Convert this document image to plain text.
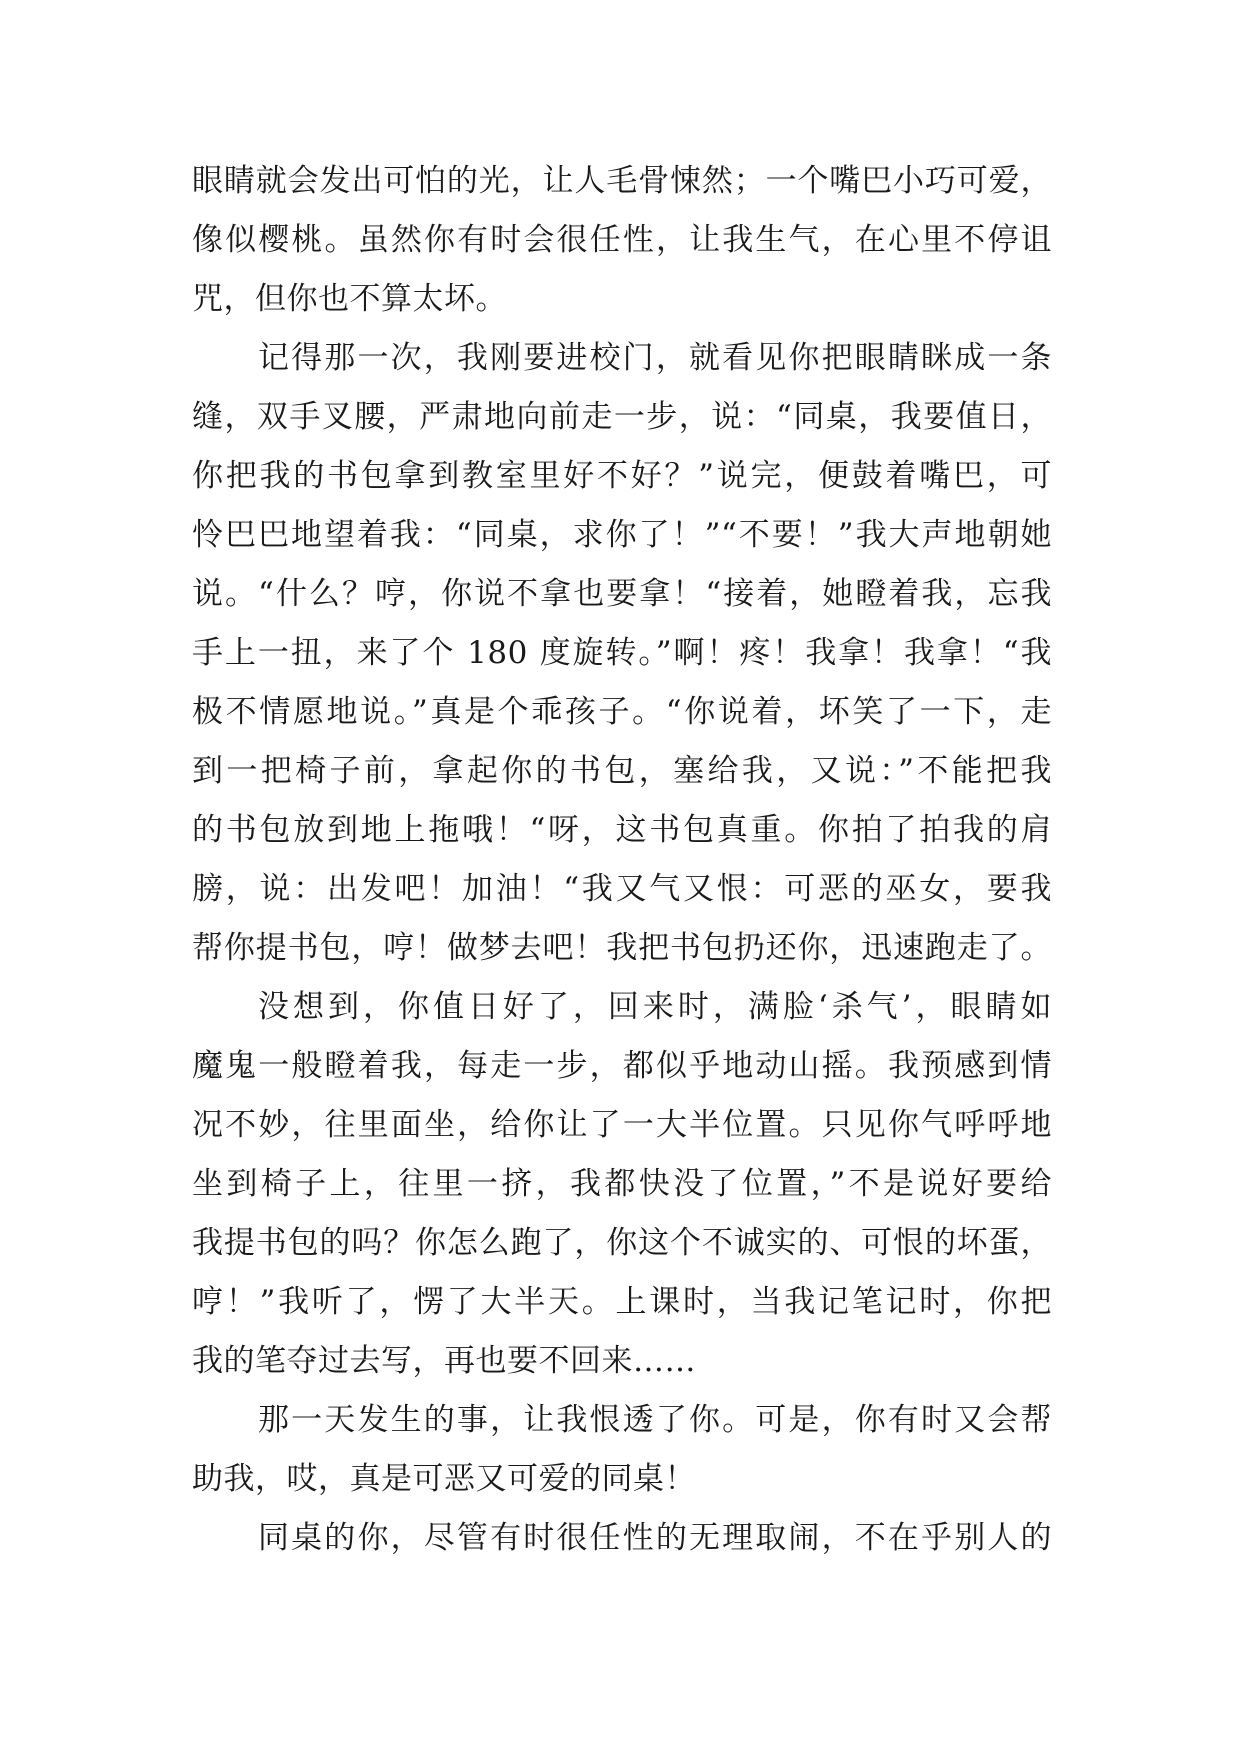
眼睛就会发出可怕的光，让人毛骨悚然；一个嘴巴小巧可爱，
像似樱桃。虽然你有时会很任性，让我生气，在心里不停诅
咒，但你也不算太坏。
记得那一次，我刚要进校门，就看见你把眼睛眯成一条
缝，双手叉腰，严肃地向前走一步，说：“同桌，我要值日，
你把我的书包拿到教室里好不好？”说完，便鼓着嘴巴，可
怜巴巴地望着我：“同桌，求你了！”“不要！”我大声地朝她
说。“什么？哼，你说不拿也要拿！“接着，她瞪着我，忘我
手上一扭，来了个 180 度旋转。”啊！疼！我拿！我拿！“我
极不情愿地说。”真是个乖孩子。“你说着，坏笑了一下，走
到一把椅子前，拿起你的书包，塞给我，又说：”不能把我
的书包放到地上拖哦！“呀，这书包真重。你拍了拍我的肩
膀，说：出发吧！加油！“我又气又恨：可恶的巫女，要我
帮你提书包，哼！做梦去吧！我把书包扔还你，迅速跑走了。
没想到，你值日好了，回来时，满脸‘杀气’，眼睛如
魔鬼一般瞪着我，每走一步，都似乎地动山摇。我预感到情
况不妙，往里面坐，给你让了一大半位置。只见你气呼呼地
坐到椅子上，往里一挤，我都快没了位置，”不是说好要给
我提书包的吗？你怎么跑了，你这个不诚实的、可恨的坏蛋，
哼！”我听了，愣了大半天。上课时，当我记笔记时，你把
我的笔夺过去写，再也要不回来……
那一天发生的事，让我恨透了你。可是，你有时又会帮
助我，哎，真是可恶又可爱的同桌！
同桌的你，尽管有时很任性的无理取闹，不在乎别人的
